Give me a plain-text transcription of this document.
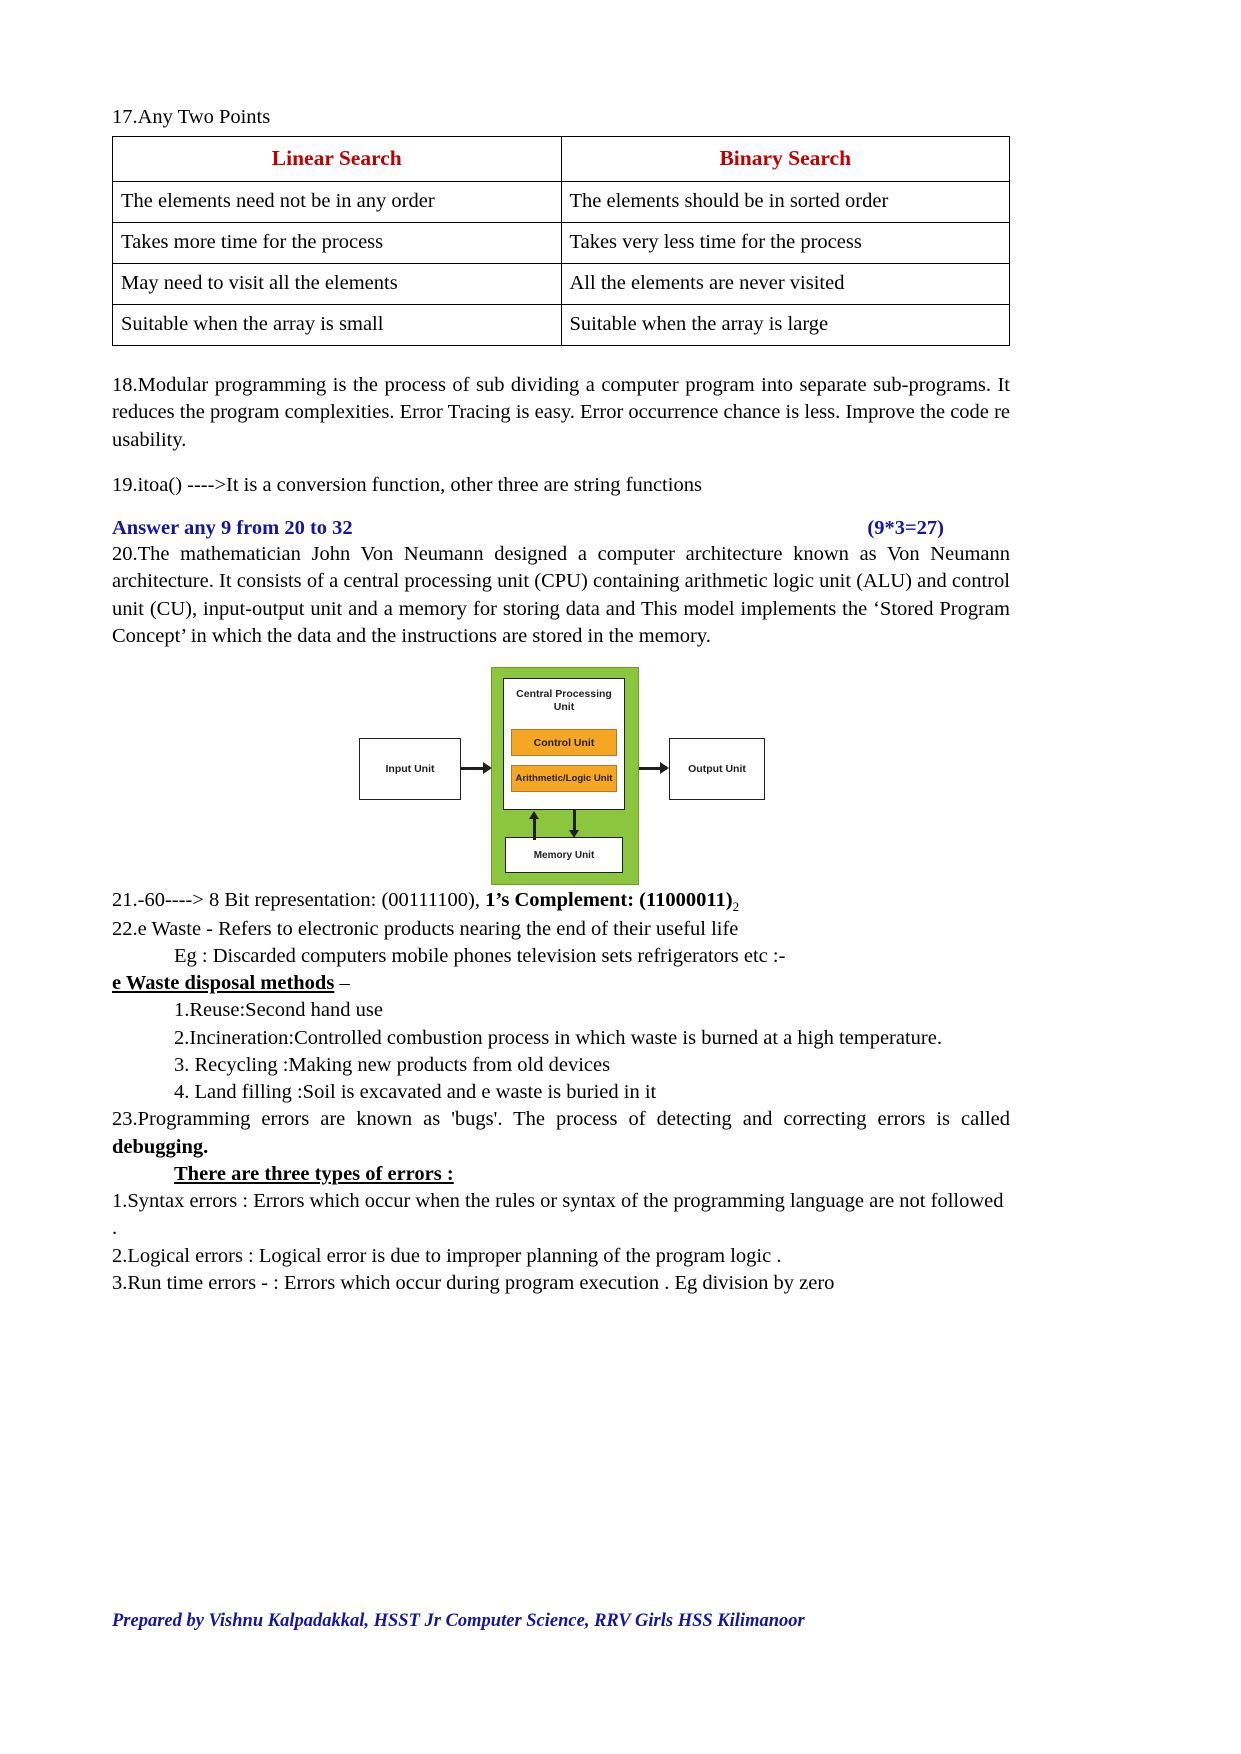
17.Any Two Points
Linear Search	Binary Search
The elements need not be in any order	The elements should be in sorted order
Takes more time for the process	Takes very less time for the process
May need to visit all the elements	All the elements are never visited
Suitable when the array is small	Suitable when the array is large

18.Modular programming is the process of sub dividing a computer program into separate sub-programs. It reduces the program complexities. Error Tracing is easy. Error occurrence chance is less. Improve the code re usability.

19.itoa() ---->It is a conversion function, other three are string functions

Answer any 9 from 20 to 32	(9*3=27)

20.The mathematician John Von Neumann designed a computer architecture known as Von Neumann architecture. It consists of a central processing unit (CPU) containing arithmetic logic unit (ALU) and control unit (CU), input-output unit and a memory for storing data and This model implements the ‘Stored Program Concept’ in which the data and the instructions are stored in the memory.

Central Processing
Unit
Control Unit
Arithmetic/Logic Unit
Input Unit	Output Unit
Memory Unit

21.-60----> 8 Bit representation: (00111100), 1’s Complement: $(11000011)_2$

22.e Waste - Refers to electronic products nearing the end of their useful life

Eg : Discarded computers mobile phones television sets refrigerators etc :-

e Waste disposal methods –

1.Reuse:Second hand use

2.Incineration:Controlled combustion process in which waste is burned at a high temperature.

3. Recycling :Making new products from old devices

4. Land filling :Soil is excavated and e waste is buried in it

23.Programming errors are known as 'bugs'. The process of detecting and correcting errors is called debugging.

There are three types of errors :

1.Syntax errors : Errors which occur when the rules or syntax of the programming language are not followed .

2.Logical errors : Logical error is due to improper planning of the program logic .

3.Run time errors - : Errors which occur during program execution . Eg division by zero

Prepared by Vishnu Kalpadakkal, HSST Jr Computer Science, RRV Girls HSS Kilimanoor
